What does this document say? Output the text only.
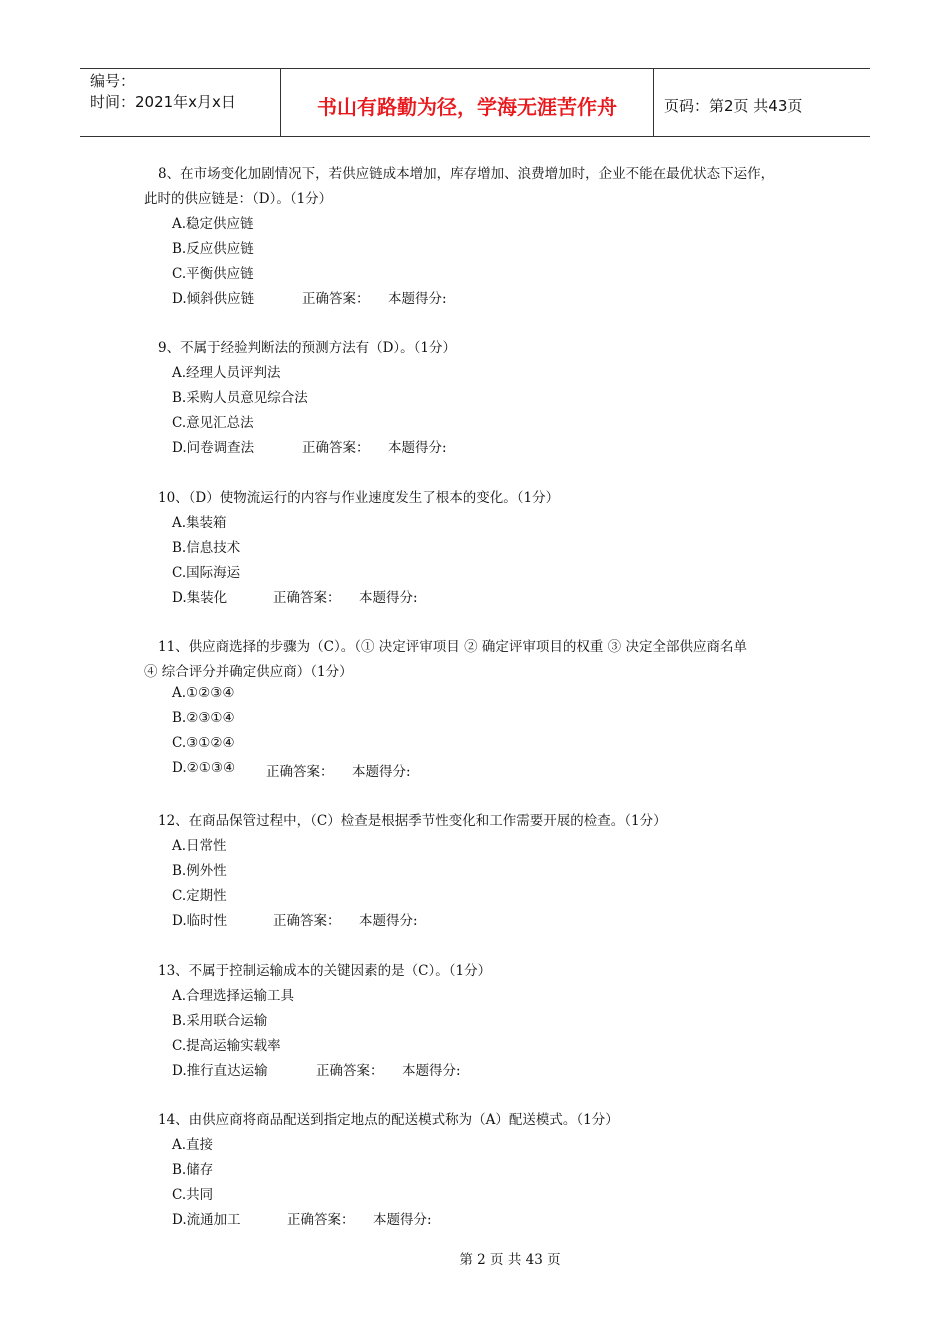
编号：
时间：2021年x月x日	书山有路勤为径，学海无涯苦作舟	页码：第2页 共43页
8、在市场变化加剧情况下，若供应链成本增加，库存增加、浪费增加时，企业不能在最优状态下运作，
此时的供应链是：（D）。（1分）
A.稳定供应链
B.反应供应链
C.平衡供应链
D.倾斜供应链	正确答案： 本题得分:
9、不属于经验判断法的预测方法有（D）。（1分）
A.经理人员评判法
B.采购人员意见综合法
C.意见汇总法
D.问卷调查法	正确答案： 本题得分:
10、（D）使物流运行的内容与作业速度发生了根本的变化。（1分）
A.集装箱
B.信息技术
C.国际海运
D.集装化	正确答案： 本题得分:
11、供应商选择的步骤为（C）。（① 决定评审项目 ② 确定评审项目的权重 ③ 决定全部供应商名单
④ 综合评分并确定供应商）（1分）
A.①②③④
B.②③①④
C.③①②④
D.②①③④ 正确答案： 本题得分:
12、在商品保管过程中，（C）检查是根据季节性变化和工作需要开展的检查。（1分）
A.日常性
B.例外性
C.定期性
D.临时性	正确答案： 本题得分:
13、不属于控制运输成本的关键因素的是（C）。（1分）
A.合理选择运输工具
B.采用联合运输
C.提高运输实载率
D.推行直达运输	正确答案： 本题得分:
14、由供应商将商品配送到指定地点的配送模式称为（A）配送模式。（1分）
A.直接
B.储存
C.共同
D.流通加工	正确答案： 本题得分:
第 2 页 共 43 页
